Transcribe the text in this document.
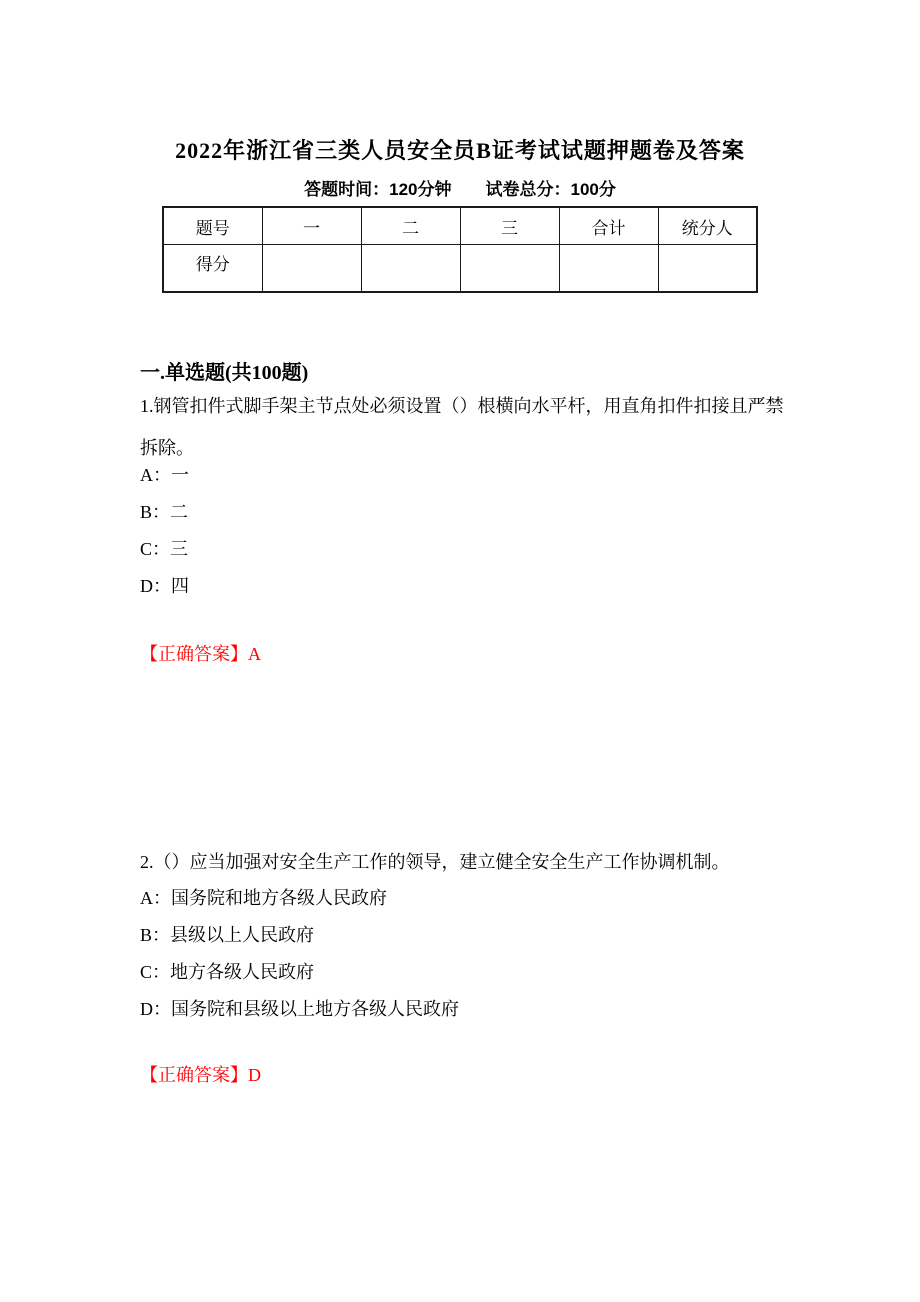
2022年浙江省三类人员安全员B证考试试题押题卷及答案
答题时间：120分钟 试卷总分：100分
题号	一	二	三	合计	统分人
得分					
一.单选题(共100题)
1.钢管扣件式脚手架主节点处必须设置（）根横向水平杆，用直角扣件扣接且严禁拆除。
A：一
B：二
C：三
D：四
【正确答案】A
2.（）应当加强对安全生产工作的领导，建立健全安全生产工作协调机制。
A：国务院和地方各级人民政府
B：县级以上人民政府
C：地方各级人民政府
D：国务院和县级以上地方各级人民政府
【正确答案】D
